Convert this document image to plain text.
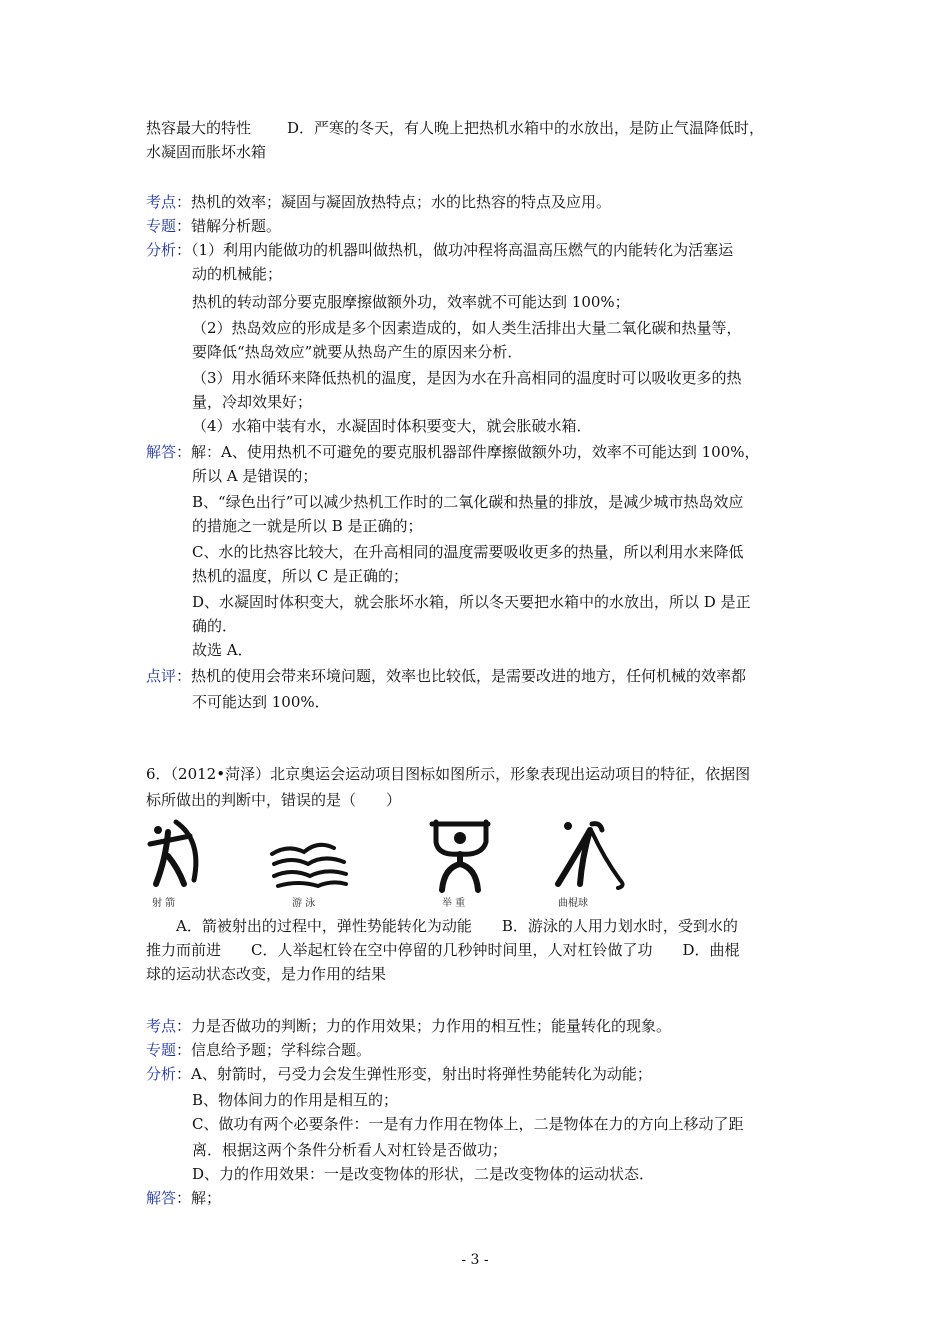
热容最大的特性 D．严寒的冬天，有人晚上把热机水箱中的水放出，是防止气温降低时，
水凝固而胀坏水箱
考点：热机的效率；凝固与凝固放热特点；水的比热容的特点及应用。
专题：错解分析题。
分析：（1）利用内能做功的机器叫做热机，做功冲程将高温高压燃气的内能转化为活塞运
动的机械能；
热机的转动部分要克服摩擦做额外功，效率就不可能达到 100%；
（2）热岛效应的形成是多个因素造成的，如人类生活排出大量二氧化碳和热量等，
要降低“热岛效应”就要从热岛产生的原因来分析．
（3）用水循环来降低热机的温度，是因为水在升高相同的温度时可以吸收更多的热
量，冷却效果好；
（4）水箱中装有水，水凝固时体积要变大，就会胀破水箱．
解答：解：A、使用热机不可避免的要克服机器部件摩擦做额外功，效率不可能达到 100%，
所以 A 是错误的；
B、“绿色出行”可以减少热机工作时的二氧化碳和热量的排放，是减少城市热岛效应
的措施之一就是所以 B 是正确的；
C、水的比热容比较大，在升高相同的温度需要吸收更多的热量，所以利用水来降低
热机的温度，所以 C 是正确的；
D、水凝固时体积变大，就会胀坏水箱，所以冬天要把水箱中的水放出，所以 D 是正
确的．
故选 A．
点评：热机的使用会带来环境问题，效率也比较低，是需要改进的地方，任何机械的效率都
不可能达到 100%．
6．（2012•菏泽）北京奥运会运动项目图标如图所示，形象表现出运动项目的特征，依据图
标所做出的判断中，错误的是（　　）
射 箭	游 泳	举 重	曲棍球
A．箭被射出的过程中，弹性势能转化为动能　　B．游泳的人用力划水时，受到水的
推力而前进　　C．人举起杠铃在空中停留的几秒钟时间里，人对杠铃做了功　　D．曲棍
球的运动状态改变，是力作用的结果
考点：力是否做功的判断；力的作用效果；力作用的相互性；能量转化的现象。
专题：信息给予题；学科综合题。
分析：A、射箭时，弓受力会发生弹性形变，射出时将弹性势能转化为动能；
B、物体间力的作用是相互的；
C、做功有两个必要条件：一是有力作用在物体上，二是物体在力的方向上移动了距
离．根据这两个条件分析看人对杠铃是否做功；
D、力的作用效果：一是改变物体的形状，二是改变物体的运动状态．
解答：解；
- 3 -
